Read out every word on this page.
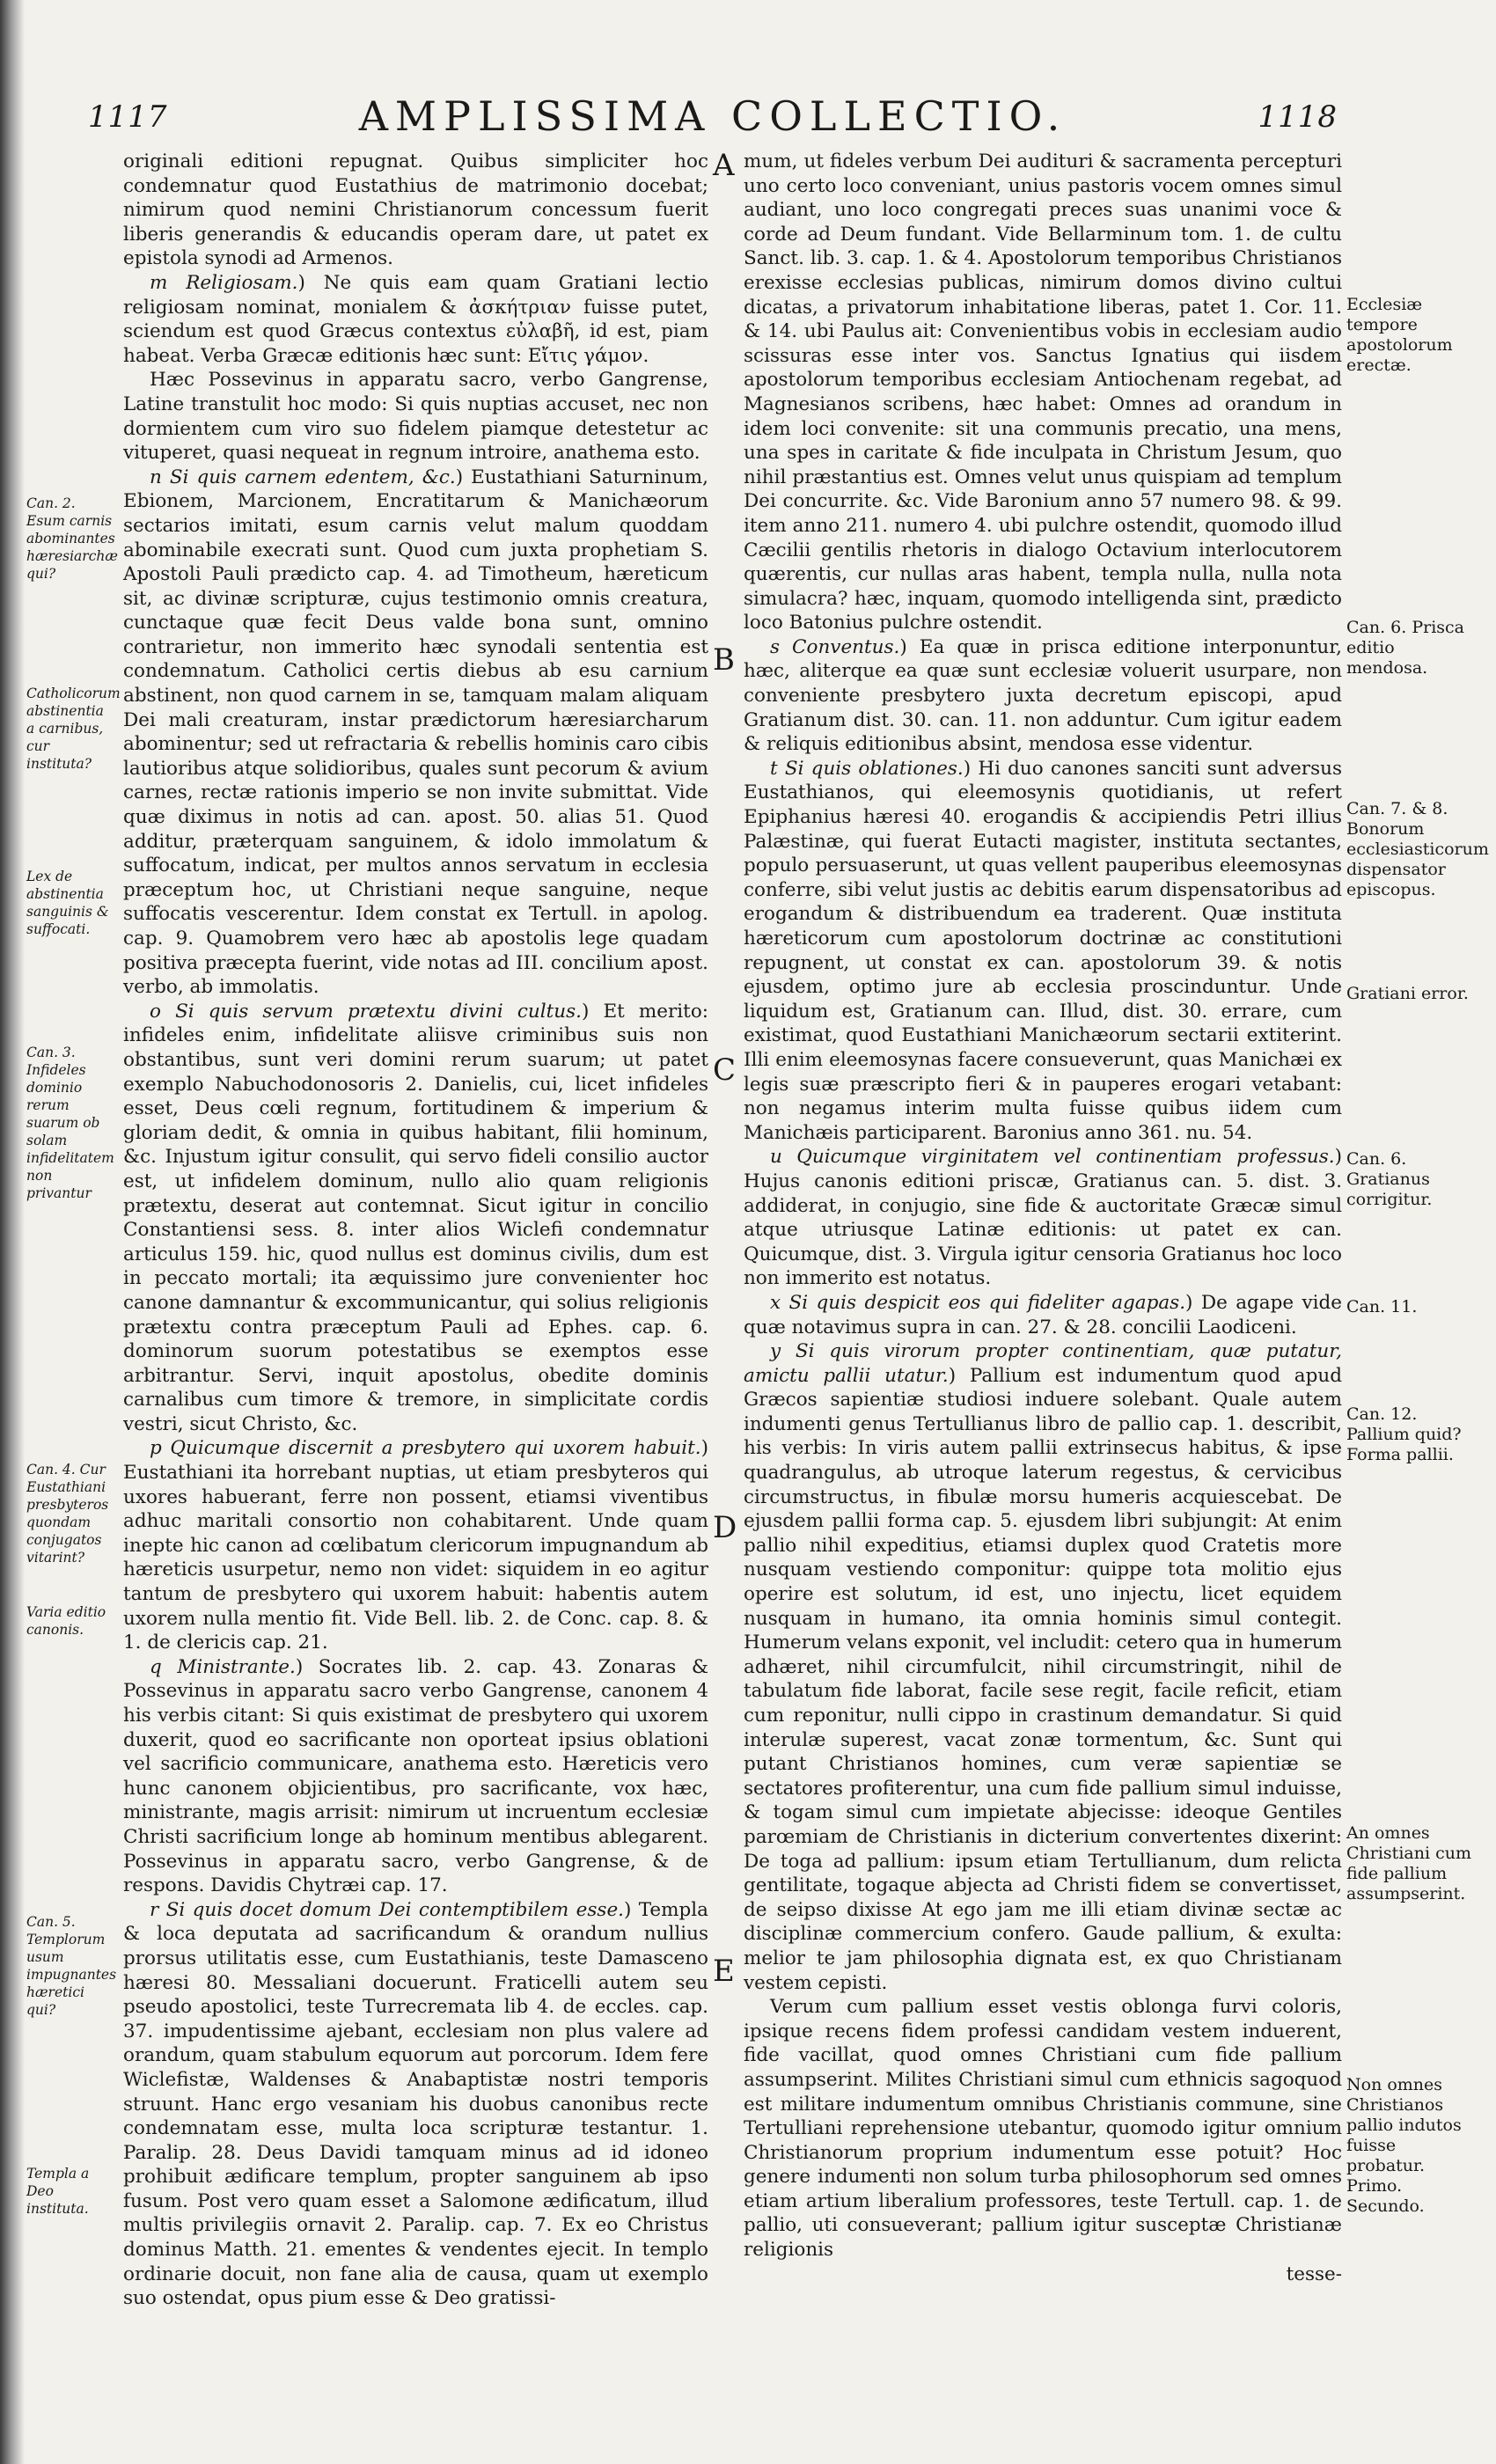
1117	AMPLISSIMA COLLECTIO.	1118

originali editioni repugnat. Quibus simpliciter hoc condemnatur quod Eustathius de matrimonio docebat; nimirum quod nemini Christianorum concessum fuerit liberis generandis & educandis operam dare, ut patet ex epistola synodi ad Armenos.

m Religiosam.) Ne quis eam quam Gratiani lectio religiosam nominat, monialem & ἀσκήτριαν fuisse putet, sciendum est quod Græcus contextus εὐλαβῆ, id est, piam habeat. Verba Græcæ editionis hæc sunt: Εἴτις γάμον.

Hæc Possevinus in apparatu sacro, verbo Gangrense, Latine transtulit hoc modo: Si quis nuptias accuset, nec non dormientem cum viro suo fidelem piamque detestetur ac vituperet, quasi nequeat in regnum introire, anathema esto.

n Si quis carnem edentem, &c.) Eustathiani Saturninum, Ebionem, Marcionem, Encratitarum & Manichæorum sectarios imitati, esum carnis velut malum quoddam abominabile execrati sunt. Quod cum juxta prophetiam S. Apostoli Pauli prædicto cap. 4. ad Timotheum, hæreticum sit, ac divinæ scripturæ, cujus testimonio omnis creatura, cunctaque quæ fecit Deus valde bona sunt, omnino contrarietur, non immerito hæc synodali sententia est condemnatum. Catholici certis diebus ab esu carnium abstinent, non quod carnem in se, tamquam malam aliquam Dei mali creaturam, instar prædictorum hæresiarcharum abominentur; sed ut refractaria & rebellis hominis caro cibis lautioribus atque solidioribus, quales sunt pecorum & avium carnes, rectæ rationis imperio se non invite submittat. Vide quæ diximus in notis ad can. apost. 50. alias 51. Quod additur, præterquam sanguinem, & idolo immolatum & suffocatum, indicat, per multos annos servatum in ecclesia præceptum hoc, ut Christiani neque sanguine, neque suffocatis vescerentur. Idem constat ex Tertull. in apolog. cap. 9. Quamobrem vero hæc ab apostolis lege quadam positiva præcepta fuerint, vide notas ad III. concilium apost. verbo, ab immolatis.

o Si quis servum prætextu divini cultus.) Et merito: infideles enim, infidelitate aliisve criminibus suis non obstantibus, sunt veri domini rerum suarum; ut patet exemplo Nabuchodonosoris 2. Danielis, cui, licet infideles esset, Deus cœli regnum, fortitudinem & imperium & gloriam dedit, & omnia in quibus habitant, filii hominum, &c. Injustum igitur consulit, qui servo fideli consilio auctor est, ut infidelem dominum, nullo alio quam religionis prætextu, deserat aut contemnat. Sicut igitur in concilio Constantiensi sess. 8. inter alios Wiclefi condemnatur articulus 159. hic, quod nullus est dominus civilis, dum est in peccato mortali; ita æquissimo jure convenienter hoc canone damnantur & excommunicantur, qui solius religionis prætextu contra præceptum Pauli ad Ephes. cap. 6. dominorum suorum potestatibus se exemptos esse arbitrantur. Servi, inquit apostolus, obedite dominis carnalibus cum timore & tremore, in simplicitate cordis vestri, sicut Christo, &c.

p Quicumque discernit a presbytero qui uxorem habuit.) Eustathiani ita horrebant nuptias, ut etiam presbyteros qui uxores habuerant, ferre non possent, etiamsi viventibus adhuc maritali consortio non cohabitarent. Unde quam inepte hic canon ad cœlibatum clericorum impugnandum ab hæreticis usurpetur, nemo non videt: siquidem in eo agitur tantum de presbytero qui uxorem habuit: habentis autem uxorem nulla mentio fit. Vide Bell. lib. 2. de Conc. cap. 8. & 1. de clericis cap. 21.

q Ministrante.) Socrates lib. 2. cap. 43. Zonaras & Possevinus in apparatu sacro verbo Gangrense, canonem 4 his verbis citant: Si quis existimat de presbytero qui uxorem duxerit, quod eo sacrificante non oporteat ipsius oblationi vel sacrificio communicare, anathema esto. Hæreticis vero hunc canonem objicientibus, pro sacrificante, vox hæc, ministrante, magis arrisit: nimirum ut incruentum ecclesiæ Christi sacrificium longe ab hominum mentibus ablegarent. Possevinus in apparatu sacro, verbo Gangrense, & de respons. Davidis Chytræi cap. 17.

r Si quis docet domum Dei contemptibilem esse.) Templa & loca deputata ad sacrificandum & orandum nullius prorsus utilitatis esse, cum Eustathianis, teste Damasceno hæresi 80. Messaliani docuerunt. Fraticelli autem seu pseudo apostolici, teste Turrecremata lib 4. de eccles. cap. 37. impudentissime ajebant, ecclesiam non plus valere ad orandum, quam stabulum equorum aut porcorum. Idem fere Wiclefistæ, Waldenses & Anabaptistæ nostri temporis struunt. Hanc ergo vesaniam his duobus canonibus recte condemnatam esse, multa loca scripturæ testantur. 1. Paralip. 28. Deus Davidi tamquam minus ad id idoneo prohibuit ædificare templum, propter sanguinem ab ipso fusum. Post vero quam esset a Salomone ædificatum, illud multis privilegiis ornavit 2. Paralip. cap. 7. Ex eo Christus dominus Matth. 21. ementes & vendentes ejecit. In templo ordinarie docuit, non fane alia de causa, quam ut exemplo suo ostendat, opus pium esse & Deo gratissi-

mum, ut fideles verbum Dei audituri & sacramenta percepturi uno certo loco conveniant, unius pastoris vocem omnes simul audiant, uno loco congregati preces suas unanimi voce & corde ad Deum fundant. Vide Bellarminum tom. 1. de cultu Sanct. lib. 3. cap. 1. & 4. Apostolorum temporibus Christianos erexisse ecclesias publicas, nimirum domos divino cultui dicatas, a privatorum inhabitatione liberas, patet 1. Cor. 11. & 14. ubi Paulus ait: Convenientibus vobis in ecclesiam audio scissuras esse inter vos. Sanctus Ignatius qui iisdem apostolorum temporibus ecclesiam Antiochenam regebat, ad Magnesianos scribens, hæc habet: Omnes ad orandum in idem loci convenite: sit una communis precatio, una mens, una spes in caritate & fide inculpata in Christum Jesum, quo nihil præstantius est. Omnes velut unus quispiam ad templum Dei concurrite. &c. Vide Baronium anno 57 numero 98. & 99. item anno 211. numero 4. ubi pulchre ostendit, quomodo illud Cæcilii gentilis rhetoris in dialogo Octavium interlocutorem quærentis, cur nullas aras habent, templa nulla, nulla nota simulacra? hæc, inquam, quomodo intelligenda sint, prædicto loco Batonius pulchre ostendit.

s Conventus.) Ea quæ in prisca editione interponuntur, hæc, aliterque ea quæ sunt ecclesiæ voluerit usurpare, non conveniente presbytero juxta decretum episcopi, apud Gratianum dist. 30. can. 11. non adduntur. Cum igitur eadem & reliquis editionibus absint, mendosa esse videntur.

t Si quis oblationes.) Hi duo canones sanciti sunt adversus Eustathianos, qui eleemosynis quotidianis, ut refert Epiphanius hæresi 40. erogandis & accipiendis Petri illius Palæstinæ, qui fuerat Eutacti magister, instituta sectantes, populo persuaserunt, ut quas vellent pauperibus eleemosynas conferre, sibi velut justis ac debitis earum dispensatoribus ad erogandum & distribuendum ea traderent. Quæ instituta hæreticorum cum apostolorum doctrinæ ac constitutioni repugnent, ut constat ex can. apostolorum 39. & notis ejusdem, optimo jure ab ecclesia proscinduntur. Unde liquidum est, Gratianum can. Illud, dist. 30. errare, cum existimat, quod Eustathiani Manichæorum sectarii extiterint. Illi enim eleemosynas facere consueverunt, quas Manichæi ex legis suæ præscripto fieri & in pauperes erogari vetabant: non negamus interim multa fuisse quibus iidem cum Manichæis participarent. Baronius anno 361. nu. 54.

u Quicumque virginitatem vel continentiam professus.) Hujus canonis editioni priscæ, Gratianus can. 5. dist. 3. addiderat, in conjugio, sine fide & auctoritate Græcæ simul atque utriusque Latinæ editionis: ut patet ex can. Quicumque, dist. 3. Virgula igitur censoria Gratianus hoc loco non immerito est notatus.

x Si quis despicit eos qui fideliter agapas.) De agape vide quæ notavimus supra in can. 27. & 28. concilii Laodiceni.

y Si quis virorum propter continentiam, quæ putatur, amictu pallii utatur.) Pallium est indumentum quod apud Græcos sapientiæ studiosi induere solebant. Quale autem indumenti genus Tertullianus libro de pallio cap. 1. describit, his verbis: In viris autem pallii extrinsecus habitus, & ipse quadrangulus, ab utroque laterum regestus, & cervicibus circumstructus, in fibulæ morsu humeris acquiescebat. De ejusdem pallii forma cap. 5. ejusdem libri subjungit: At enim pallio nihil expeditius, etiamsi duplex quod Cratetis more nusquam vestiendo componitur: quippe tota molitio ejus operire est solutum, id est, uno injectu, licet equidem nusquam in humano, ita omnia hominis simul contegit. Humerum velans exponit, vel includit: cetero qua in humerum adhæret, nihil circumfulcit, nihil circumstringit, nihil de tabulatum fide laborat, facile sese regit, facile reficit, etiam cum reponitur, nulli cippo in crastinum demandatur. Si quid interulæ superest, vacat zonæ tormentum, &c. Sunt qui putant Christianos homines, cum veræ sapientiæ se sectatores profiterentur, una cum fide pallium simul induisse, & togam simul cum impietate abjecisse: ideoque Gentiles parœmiam de Christianis in dicterium convertentes dixerint: De toga ad pallium: ipsum etiam Tertullianum, dum relicta gentilitate, togaque abjecta ad Christi fidem se convertisset, de seipso dixisse At ego jam me illi etiam divinæ sectæ ac disciplinæ commercium confero. Gaude pallium, & exulta: melior te jam philosophia dignata est, ex quo Christianam vestem cepisti.

Verum cum pallium esset vestis oblonga furvi coloris, ipsique recens fidem professi candidam vestem induerent, fide vacillat, quod omnes Christiani cum fide pallium assumpserint. Milites Christiani simul cum ethnicis sagoquod est militare indumentum omnibus Christianis commune, sine Tertulliani reprehensione utebantur, quomodo igitur omnium Christianorum proprium indumentum esse potuit? Hoc genere indumenti non solum turba philosophorum sed omnes etiam artium liberalium professores, teste Tertull. cap. 1. de pallio, uti consueverant; pallium igitur susceptæ Christianæ religionis

tesse-

A
B
C
D
E
Can. 2. Esum carnis abominantes hæresiarchæ qui?
Catholicorum abstinentia a carnibus, cur instituta?
Lex de abstinentia sanguinis & suffocati.
Can. 3. Infideles dominio rerum suarum ob solam infidelitatem non privantur
Can. 4. Cur Eustathiani presbyteros quondam conjugatos vitarint?
Varia editio canonis.
Can. 5. Templorum usum impugnantes hæretici qui?
Templa a Deo instituta.
Ecclesiæ tempore apostolorum erectæ.
Can. 6. Prisca editio mendosa.
Can. 7. & 8. Bonorum ecclesiasticorum dispensator episcopus.
Gratiani error.
Can. 6. Gratianus corrigitur.
Can. 11.
Can. 12. Pallium quid? Forma pallii.
An omnes Christiani cum fide pallium assumpserint.
Non omnes Christianos pallio indutos fuisse probatur. Primo. Secundo.
